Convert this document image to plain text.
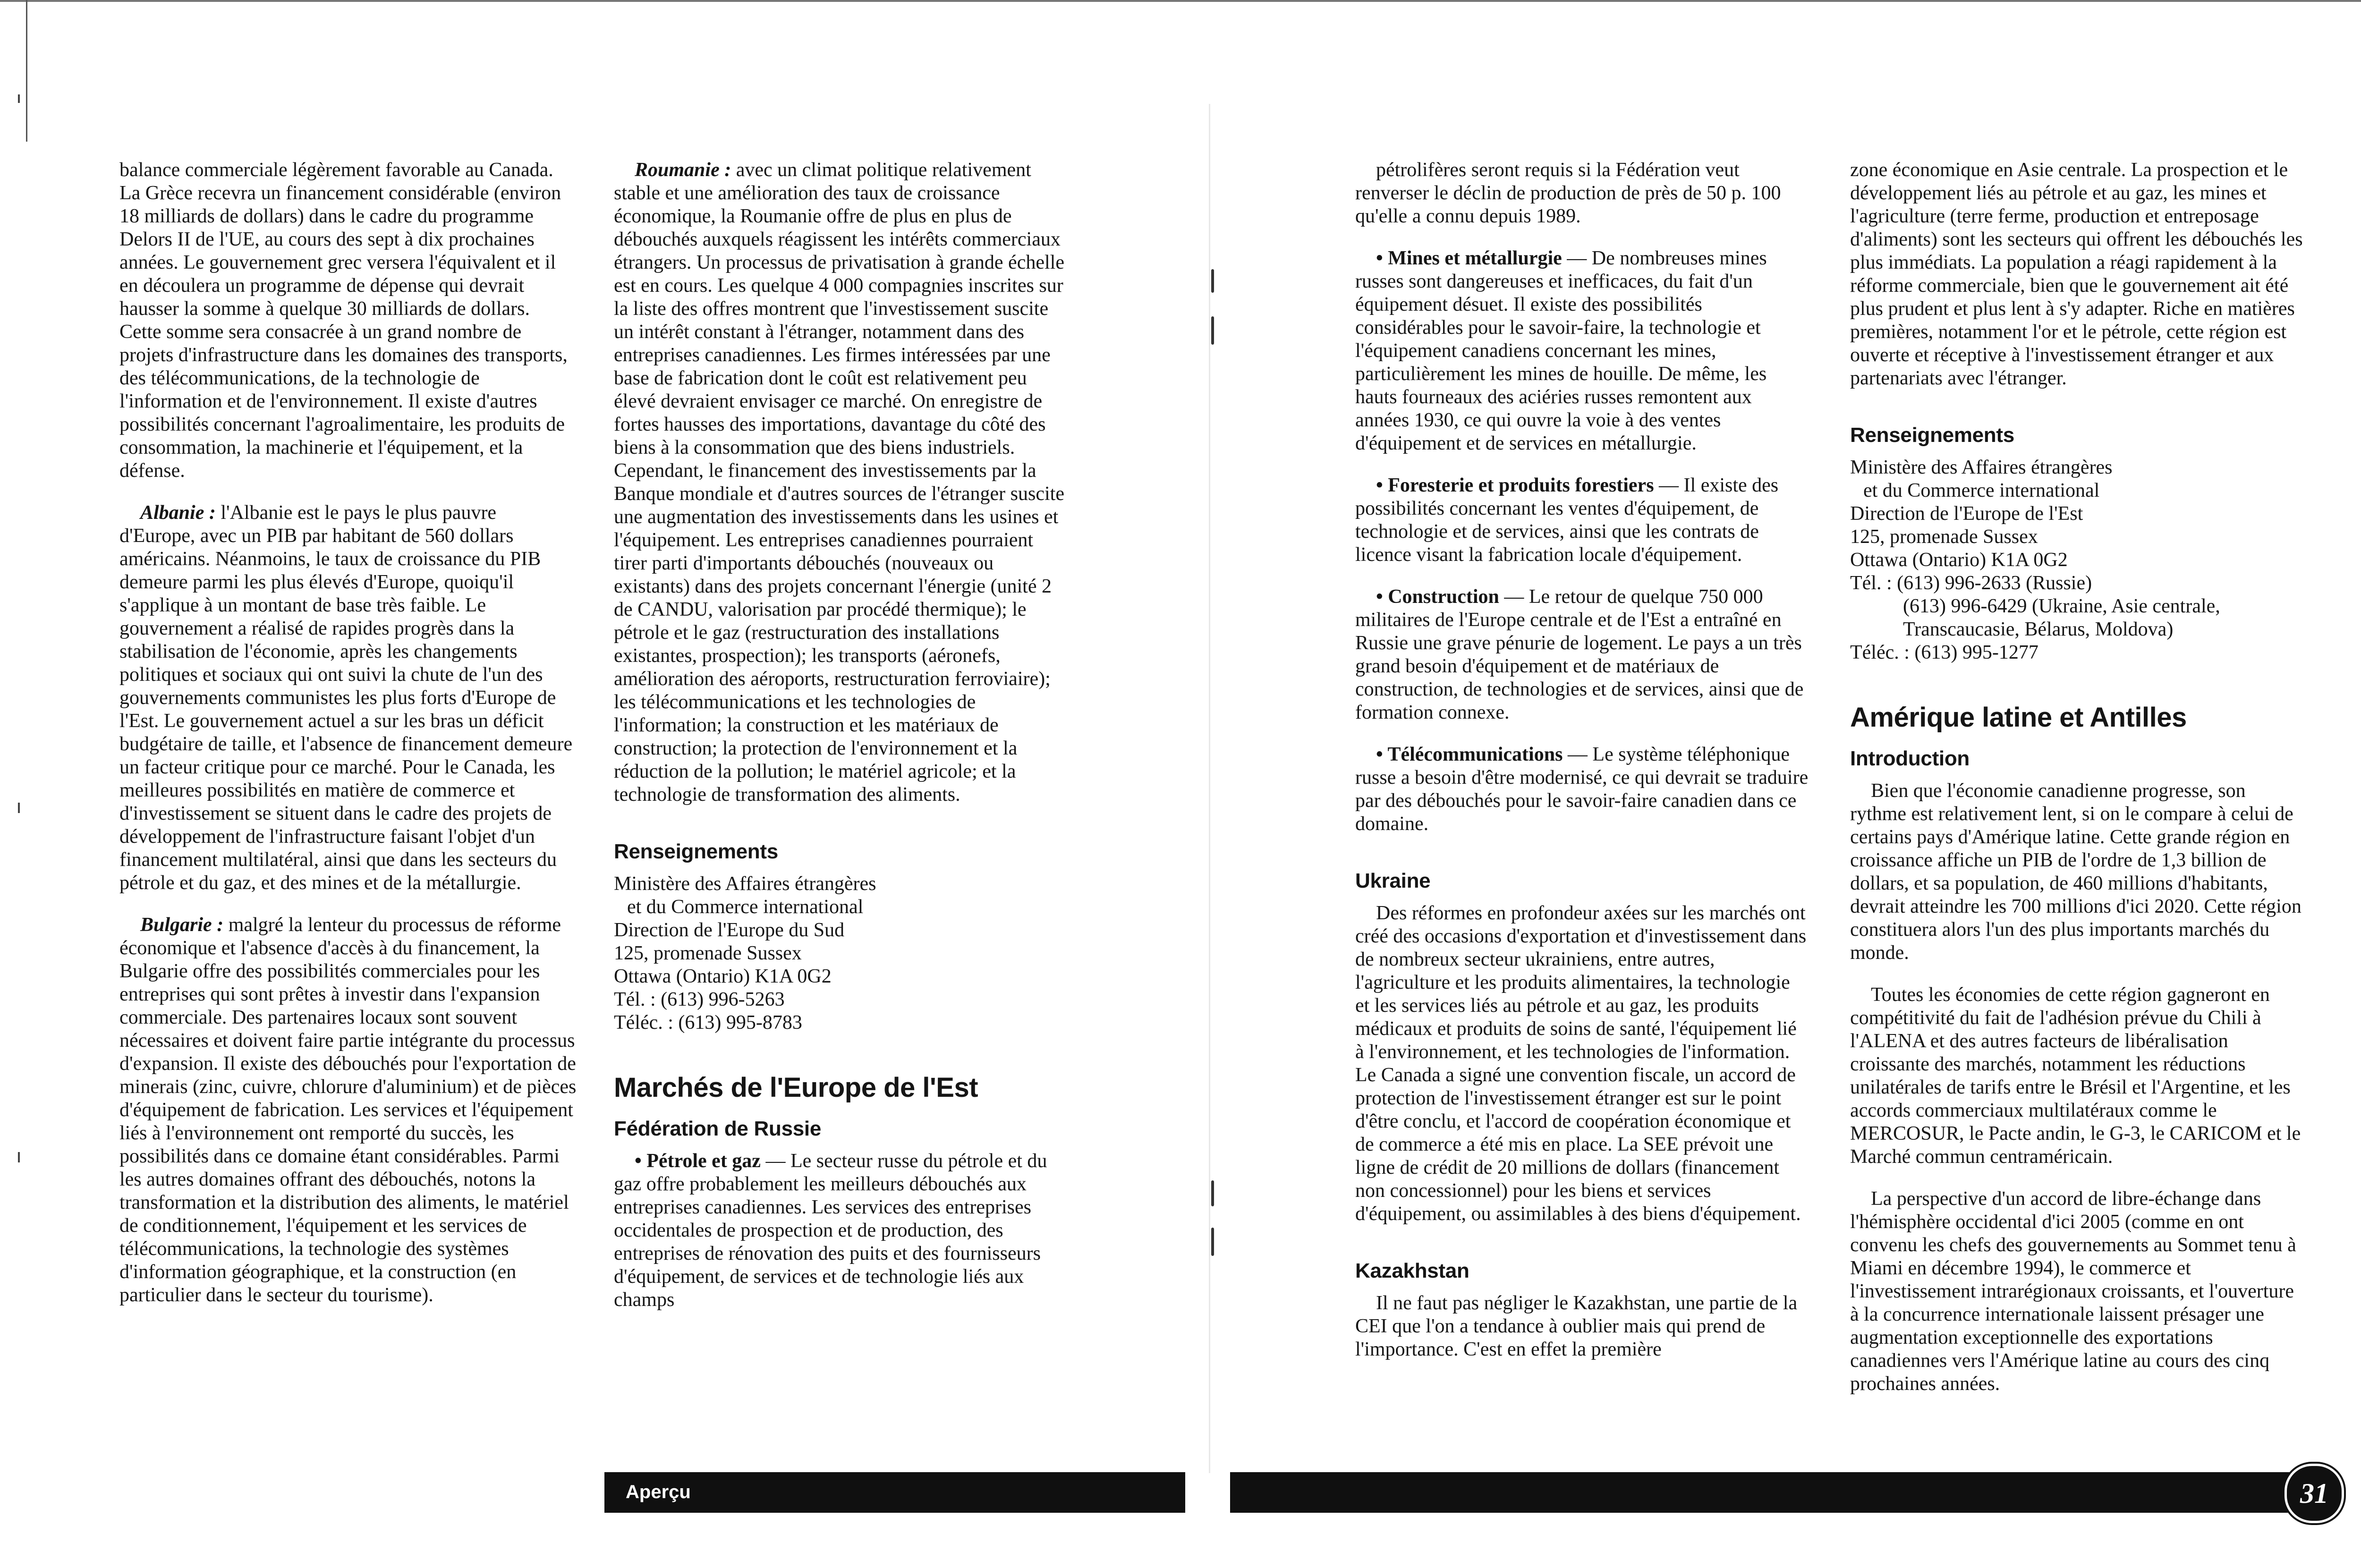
balance commerciale légèrement favorable au Canada. La Grèce recevra un financement considérable (environ 18 milliards de dollars) dans le cadre du programme Delors II de l'UE, au cours des sept à dix prochaines années. Le gouvernement grec versera l'équivalent et il en découlera un programme de dépense qui devrait hausser la somme à quelque 30 milliards de dollars. Cette somme sera consacrée à un grand nombre de projets d'infrastructure dans les domaines des transports, des télécommunications, de la technologie de l'information et de l'environnement. Il existe d'autres possibilités concernant l'agroalimentaire, les produits de consommation, la machinerie et l'équipement, et la défense.

Albanie : l'Albanie est le pays le plus pauvre d'Europe, avec un PIB par habitant de 560 dollars américains. Néanmoins, le taux de croissance du PIB demeure parmi les plus élevés d'Europe, quoiqu'il s'applique à un montant de base très faible. Le gouvernement a réalisé de rapides progrès dans la stabilisation de l'économie, après les changements politiques et sociaux qui ont suivi la chute de l'un des gouvernements communistes les plus forts d'Europe de l'Est. Le gouvernement actuel a sur les bras un déficit budgétaire de taille, et l'absence de financement demeure un facteur critique pour ce marché. Pour le Canada, les meilleures possibilités en matière de commerce et d'investissement se situent dans le cadre des projets de développement de l'infrastructure faisant l'objet d'un financement multilatéral, ainsi que dans les secteurs du pétrole et du gaz, et des mines et de la métallurgie.

Bulgarie : malgré la lenteur du processus de réforme économique et l'absence d'accès à du financement, la Bulgarie offre des possibilités commerciales pour les entreprises qui sont prêtes à investir dans l'expansion commerciale. Des partenaires locaux sont souvent nécessaires et doivent faire partie intégrante du processus d'expansion. Il existe des débouchés pour l'exportation de minerais (zinc, cuivre, chlorure d'aluminium) et de pièces d'équipement de fabrication. Les services et l'équipement liés à l'environnement ont remporté du succès, les possibilités dans ce domaine étant considérables. Parmi les autres domaines offrant des débouchés, notons la transformation et la distribution des aliments, le matériel de conditionnement, l'équipement et les services de télécommunications, la technologie des systèmes d'information géographique, et la construction (en particulier dans le secteur du tourisme).

Roumanie : avec un climat politique relativement stable et une amélioration des taux de croissance économique, la Roumanie offre de plus en plus de débouchés auxquels réagissent les intérêts commerciaux étrangers. Un processus de privatisation à grande échelle est en cours. Les quelque 4 000 compagnies inscrites sur la liste des offres montrent que l'investissement suscite un intérêt constant à l'étranger, notamment dans des entreprises canadiennes. Les firmes intéressées par une base de fabrication dont le coût est relativement peu élevé devraient envisager ce marché. On enregistre de fortes hausses des importations, davantage du côté des biens à la consommation que des biens industriels. Cependant, le financement des investissements par la Banque mondiale et d'autres sources de l'étranger suscite une augmentation des investissements dans les usines et l'équipement. Les entreprises canadiennes pourraient tirer parti d'importants débouchés (nouveaux ou existants) dans des projets concernant l'énergie (unité 2 de CANDU, valorisation par procédé thermique); le pétrole et le gaz (restructuration des installations existantes, prospection); les transports (aéronefs, amélioration des aéroports, restructuration ferroviaire); les télécommunications et les technologies de l'information; la construction et les matériaux de construction; la protection de l'environnement et la réduction de la pollution; le matériel agricole; et la technologie de transformation des aliments.

Renseignements
Ministère des Affaires étrangères
et du Commerce international
Direction de l'Europe du Sud
125, promenade Sussex
Ottawa (Ontario) K1A 0G2
Tél. : (613) 996-5263
Téléc. : (613) 995-8783
Marchés de l'Europe de l'Est
Fédération de Russie

• Pétrole et gaz — Le secteur russe du pétrole et du gaz offre probablement les meilleurs débouchés aux entreprises canadiennes. Les services des entreprises occidentales de prospection et de production, des entreprises de rénovation des puits et des fournisseurs d'équipement, de services et de technologie liés aux champs

pétrolifères seront requis si la Fédération veut renverser le déclin de production de près de 50 p. 100 qu'elle a connu depuis 1989.

• Mines et métallurgie — De nombreuses mines russes sont dangereuses et inefficaces, du fait d'un équipement désuet. Il existe des possibilités considérables pour le savoir-faire, la technologie et l'équipement canadiens concernant les mines, particulièrement les mines de houille. De même, les hauts fourneaux des aciéries russes remontent aux années 1930, ce qui ouvre la voie à des ventes d'équipement et de services en métallurgie.

• Foresterie et produits forestiers — Il existe des possibilités concernant les ventes d'équipement, de technologie et de services, ainsi que les contrats de licence visant la fabrication locale d'équipement.

• Construction — Le retour de quelque 750 000 militaires de l'Europe centrale et de l'Est a entraîné en Russie une grave pénurie de logement. Le pays a un très grand besoin d'équipement et de matériaux de construction, de technologies et de services, ainsi que de formation connexe.

• Télécommunications — Le système téléphonique russe a besoin d'être modernisé, ce qui devrait se traduire par des débouchés pour le savoir-faire canadien dans ce domaine.

Ukraine

Des réformes en profondeur axées sur les marchés ont créé des occasions d'exportation et d'investissement dans de nombreux secteur ukrainiens, entre autres, l'agriculture et les produits alimentaires, la technologie et les services liés au pétrole et au gaz, les produits médicaux et produits de soins de santé, l'équipement lié à l'environnement, et les technologies de l'information. Le Canada a signé une convention fiscale, un accord de protection de l'investissement étranger est sur le point d'être conclu, et l'accord de coopération économique et de commerce a été mis en place. La SEE prévoit une ligne de crédit de 20 millions de dollars (financement non concessionnel) pour les biens et services d'équipement, ou assimilables à des biens d'équipement.

Kazakhstan

Il ne faut pas négliger le Kazakhstan, une partie de la CEI que l'on a tendance à oublier mais qui prend de l'importance. C'est en effet la première

zone économique en Asie centrale. La prospection et le développement liés au pétrole et au gaz, les mines et l'agriculture (terre ferme, production et entreposage d'aliments) sont les secteurs qui offrent les débouchés les plus immédiats. La population a réagi rapidement à la réforme commerciale, bien que le gouvernement ait été plus prudent et plus lent à s'y adapter. Riche en matières premières, notamment l'or et le pétrole, cette région est ouverte et réceptive à l'investissement étranger et aux partenariats avec l'étranger.

Renseignements
Ministère des Affaires étrangères
et du Commerce international
Direction de l'Europe de l'Est
125, promenade Sussex
Ottawa (Ontario) K1A 0G2
Tél. : (613) 996-2633 (Russie)
(613) 996-6429 (Ukraine, Asie centrale,
Transcaucasie, Bélarus, Moldova)
Téléc. : (613) 995-1277
Amérique latine et Antilles
Introduction

Bien que l'économie canadienne progresse, son rythme est relativement lent, si on le compare à celui de certains pays d'Amérique latine. Cette grande région en croissance affiche un PIB de l'ordre de 1,3 billion de dollars, et sa population, de 460 millions d'habitants, devrait atteindre les 700 millions d'ici 2020. Cette région constituera alors l'un des plus importants marchés du monde.

Toutes les économies de cette région gagneront en compétitivité du fait de l'adhésion prévue du Chili à l'ALENA et des autres facteurs de libéralisation croissante des marchés, notamment les réductions unilatérales de tarifs entre le Brésil et l'Argentine, et les accords commerciaux multilatéraux comme le MERCOSUR, le Pacte andin, le G-3, le CARICOM et le Marché commun centraméricain.

La perspective d'un accord de libre-échange dans l'hémisphère occidental d'ici 2005 (comme en ont convenu les chefs des gouvernements au Sommet tenu à Miami en décembre 1994), le commerce et l'investissement intrarégionaux croissants, et l'ouverture à la concurrence internationale laissent présager une augmentation exceptionnelle des exportations canadiennes vers l'Amérique latine au cours des cinq prochaines années.

Aperçu	31
